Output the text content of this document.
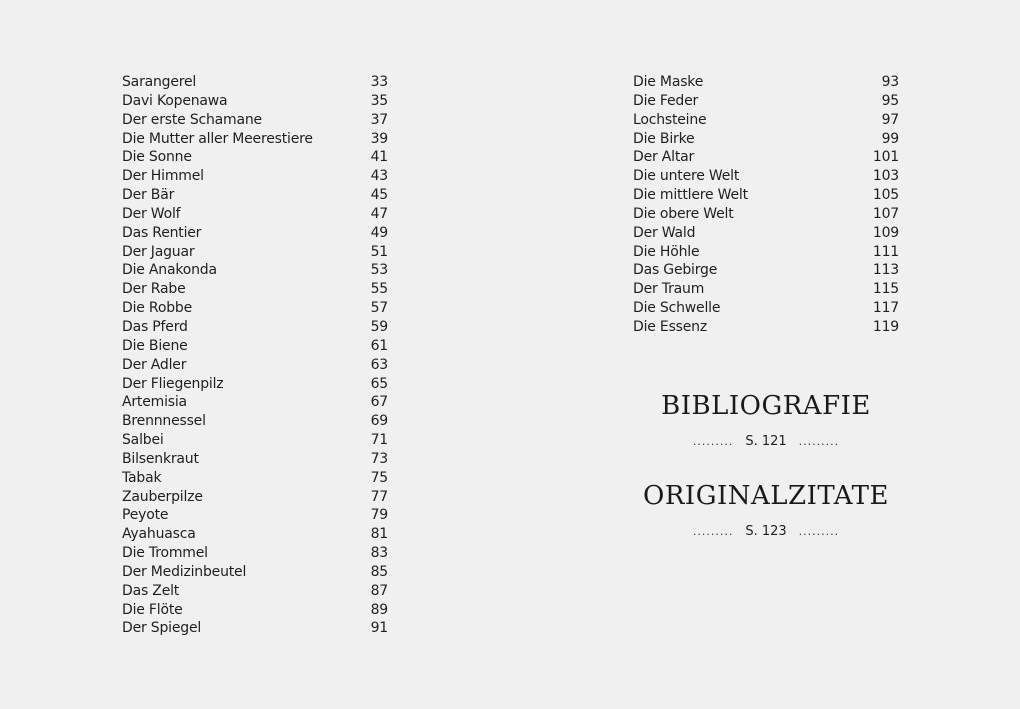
Sarangerel	33
Davi Kopenawa	35
Der erste Schamane	37
Die Mutter aller Meerestiere	39
Die Sonne	41
Der Himmel	43
Der Bär	45
Der Wolf	47
Das Rentier	49
Der Jaguar	51
Die Anakonda	53
Der Rabe	55
Die Robbe	57
Das Pferd	59
Die Biene	61
Der Adler	63
Der Fliegenpilz	65
Artemisia	67
Brennnessel	69
Salbei	71
Bilsenkraut	73
Tabak	75
Zauberpilze	77
Peyote	79
Ayahuasca	81
Die Trommel	83
Der Medizinbeutel	85
Das Zelt	87
Die Flöte	89
Der Spiegel	91
Die Maske	93
Die Feder	95
Lochsteine	97
Die Birke	99
Der Altar	101
Die untere Welt	103
Die mittlere Welt	105
Die obere Welt	107
Der Wald	109
Die Höhle	111
Das Gebirge	113
Der Traum	115
Die Schwelle	117
Die Essenz	119
BIBLIOGRAFIE
......... S. 121 .........
ORIGINALZITATE
......... S. 123 .........
